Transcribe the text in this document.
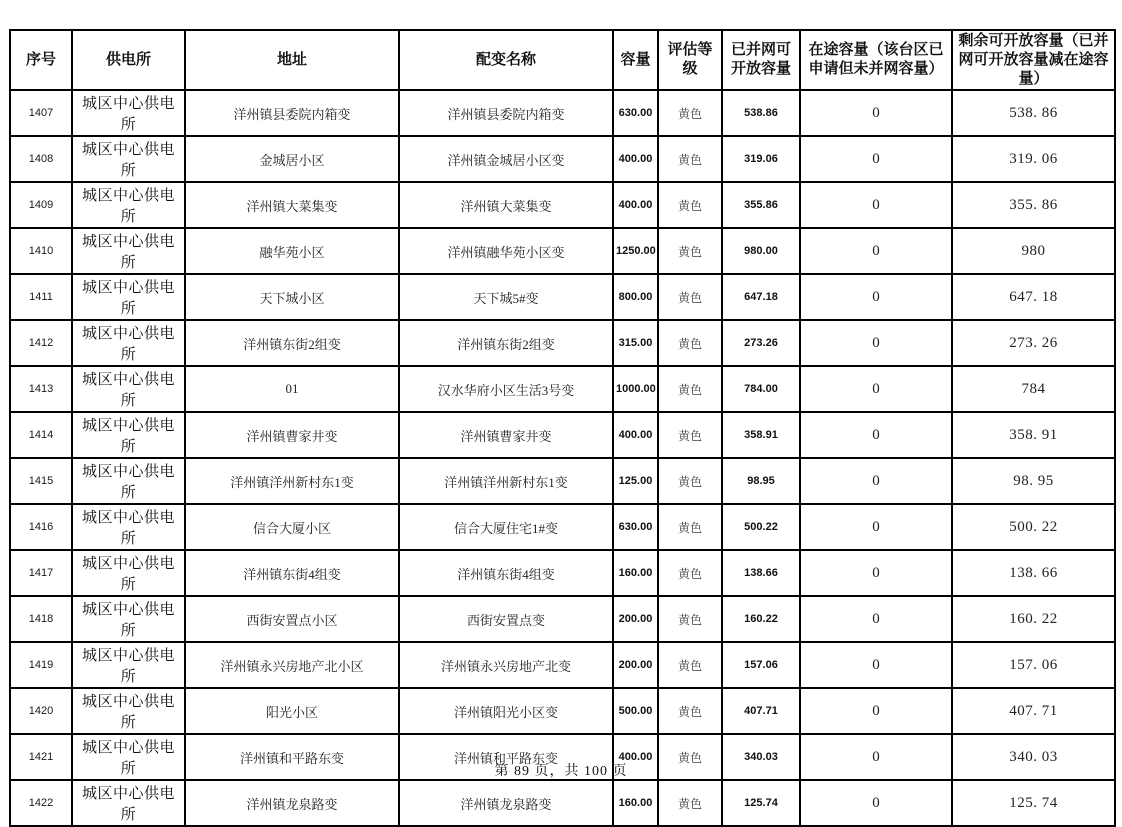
序号	供电所	地址	配变名称	容量	评估等级	已并网可开放容量	在途容量（该台区已申请但未并网容量）	剩余可开放容量（已并网可开放容量减在途容量）
1407	城区中心供电所	洋州镇县委院内箱变	洋州镇县委院内箱变	630.00	黄色	538.86	0	538. 86
1408	城区中心供电所	金城居小区	洋州镇金城居小区变	400.00	黄色	319.06	0	319. 06
1409	城区中心供电所	洋州镇大菜集变	洋州镇大菜集变	400.00	黄色	355.86	0	355. 86
1410	城区中心供电所	融华苑小区	洋州镇融华苑小区变	1250.00	黄色	980.00	0	980
1411	城区中心供电所	天下城小区	天下城5#变	800.00	黄色	647.18	0	647. 18
1412	城区中心供电所	洋州镇东街2组变	洋州镇东街2组变	315.00	黄色	273.26	0	273. 26
1413	城区中心供电所	01	汉水华府小区生活3号变	1000.00	黄色	784.00	0	784
1414	城区中心供电所	洋州镇曹家井变	洋州镇曹家井变	400.00	黄色	358.91	0	358. 91
1415	城区中心供电所	洋州镇洋州新村东1变	洋州镇洋州新村东1变	125.00	黄色	98.95	0	98. 95
1416	城区中心供电所	信合大厦小区	信合大厦住宅1#变	630.00	黄色	500.22	0	500. 22
1417	城区中心供电所	洋州镇东街4组变	洋州镇东街4组变	160.00	黄色	138.66	0	138. 66
1418	城区中心供电所	西街安置点小区	西街安置点变	200.00	黄色	160.22	0	160. 22
1419	城区中心供电所	洋州镇永兴房地产北小区	洋州镇永兴房地产北变	200.00	黄色	157.06	0	157. 06
1420	城区中心供电所	阳光小区	洋州镇阳光小区变	500.00	黄色	407.71	0	407. 71
1421	城区中心供电所	洋州镇和平路东变	洋州镇和平路东变	400.00	黄色	340.03	0	340. 03
1422	城区中心供电所	洋州镇龙泉路变	洋州镇龙泉路变	160.00	黄色	125.74	0	125. 74
第 89 页，共 100 页
